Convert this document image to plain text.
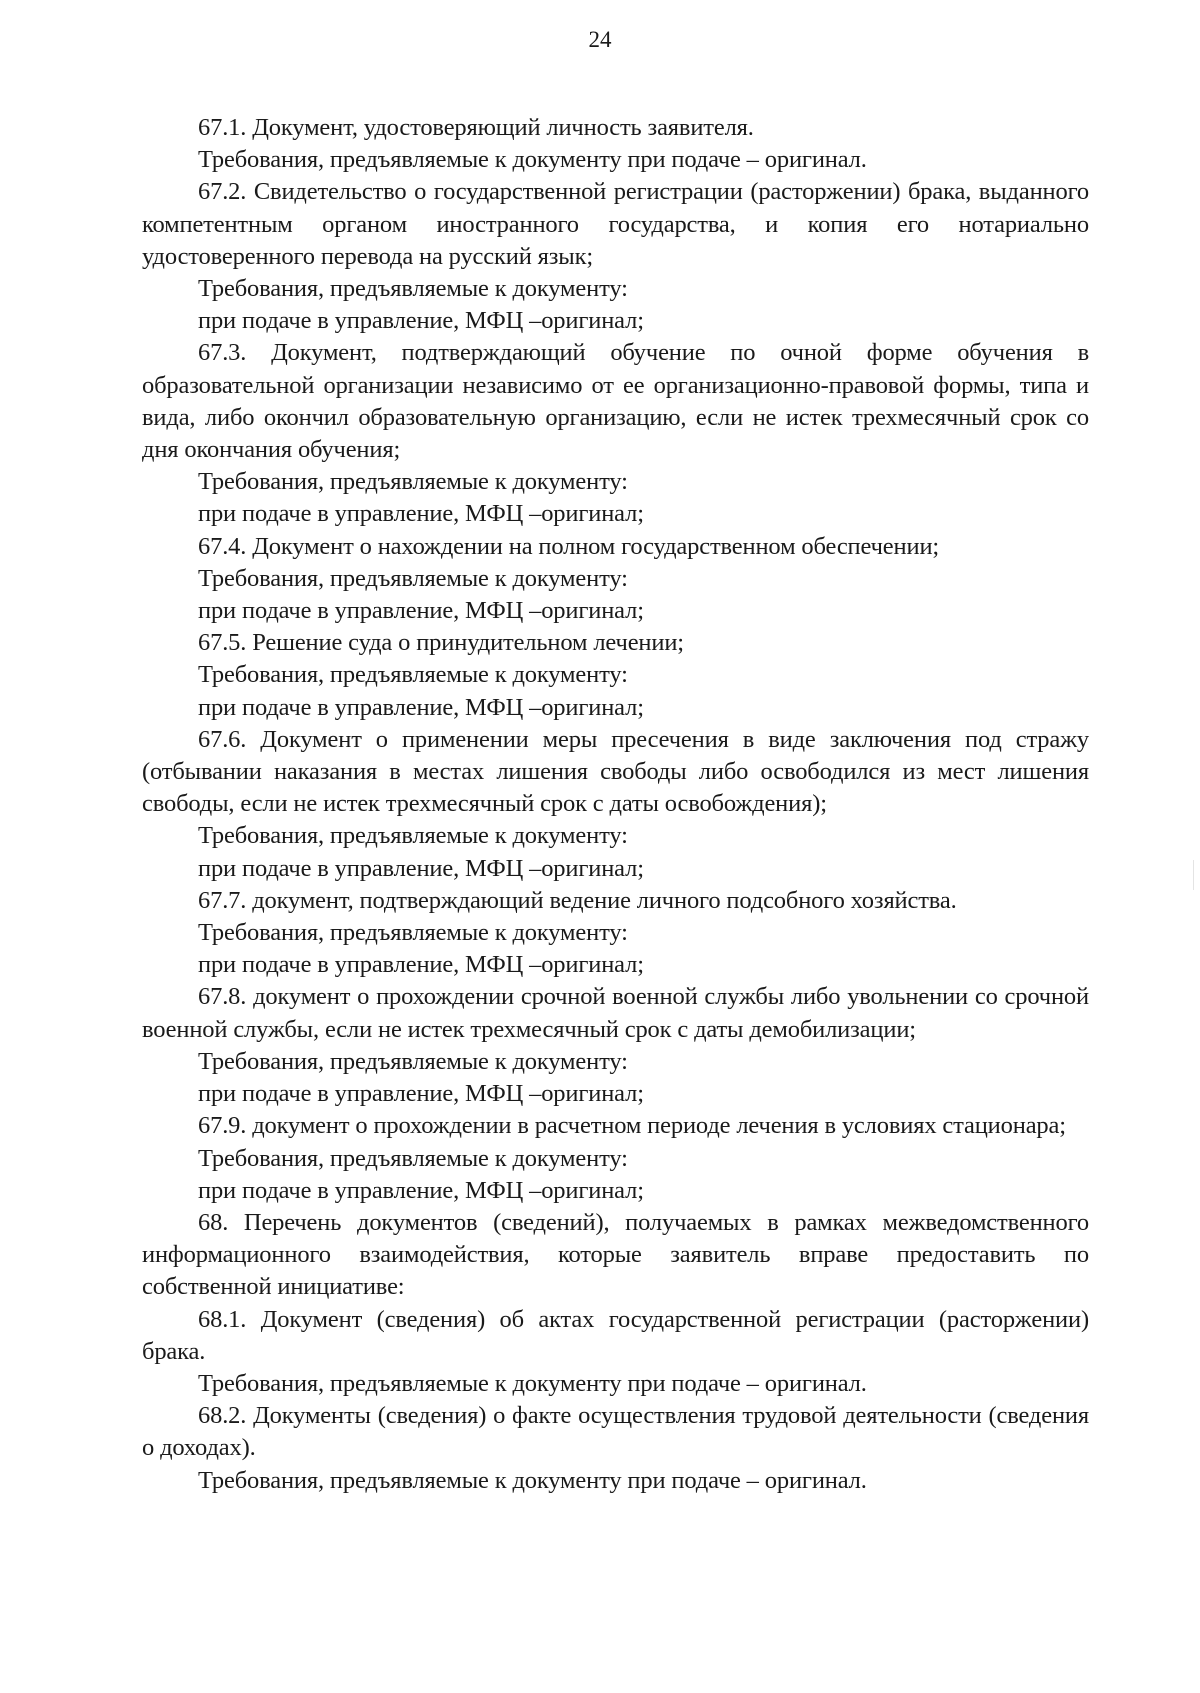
24

67.1. Документ, удостоверяющий личность заявителя.

Требования, предъявляемые к документу при подаче – оригинал.

67.2. Свидетельство о государственной регистрации (расторжении) брака, выданного компетентным органом иностранного государства, и копия его нотариально удостоверенного перевода на русский язык;

Требования, предъявляемые к документу:

при подаче в управление, МФЦ –оригинал;

67.3. Документ, подтверждающий обучение по очной форме обучения в образовательной организации независимо от ее организационно-правовой формы, типа и вида, либо окончил образовательную организацию, если не истек трехмесячный срок со дня окончания обучения;

Требования, предъявляемые к документу:

при подаче в управление, МФЦ –оригинал;

67.4. Документ о нахождении на полном государственном обеспечении;

Требования, предъявляемые к документу:

при подаче в управление, МФЦ –оригинал;

67.5. Решение суда о принудительном лечении;

Требования, предъявляемые к документу:

при подаче в управление, МФЦ –оригинал;

67.6. Документ о применении меры пресечения в виде заключения под стражу (отбывании наказания в местах лишения свободы либо освободился из мест лишения свободы, если не истек трехмесячный срок с даты освобождения);

Требования, предъявляемые к документу:

при подаче в управление, МФЦ –оригинал;

67.7. документ, подтверждающий ведение личного подсобного хозяйства.

Требования, предъявляемые к документу:

при подаче в управление, МФЦ –оригинал;

67.8. документ о прохождении срочной военной службы либо увольнении со срочной военной службы, если не истек трехмесячный срок с даты демобилизации;

Требования, предъявляемые к документу:

при подаче в управление, МФЦ –оригинал;

67.9. документ о прохождении в расчетном периоде лечения в условиях стационара;

Требования, предъявляемые к документу:

при подаче в управление, МФЦ –оригинал;

68. Перечень документов (сведений), получаемых в рамках межведомственного информационного взаимодействия, которые заявитель вправе предоставить по собственной инициативе:

68.1. Документ (сведения) об актах государственной регистрации (расторжении) брака.

Требования, предъявляемые к документу при подаче – оригинал.

68.2. Документы (сведения) о факте осуществления трудовой деятельности (сведения о доходах).

Требования, предъявляемые к документу при подаче – оригинал.
